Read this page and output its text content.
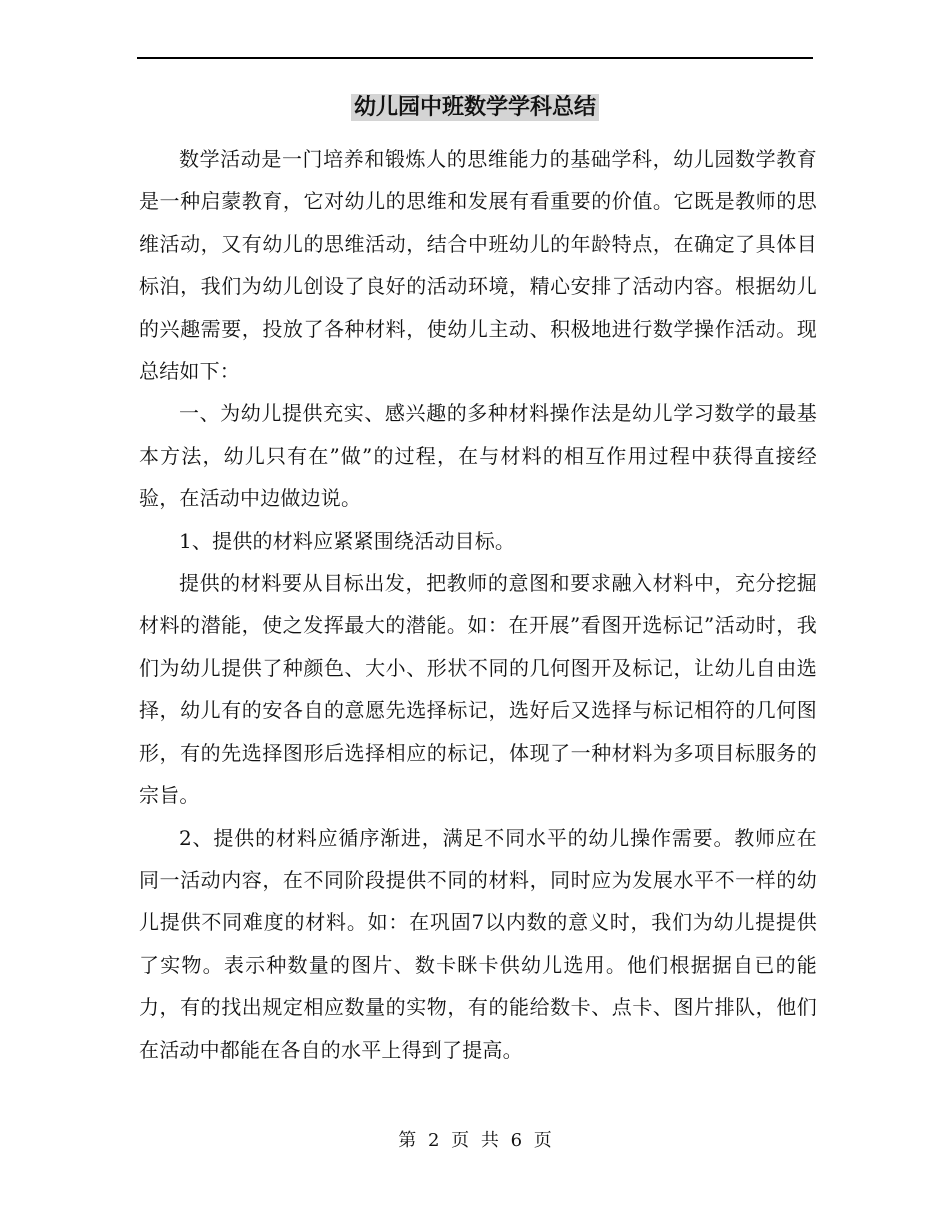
幼儿园中班数学学科总结

数学活动是一门培养和锻炼人的思维能力的基础学科，幼儿园数学教育是一种启蒙教育，它对幼儿的思维和发展有看重要的价值。它既是教师的思维活动，又有幼儿的思维活动，结合中班幼儿的年龄特点，在确定了具体目标泊，我们为幼儿创设了良好的活动环境，精心安排了活动内容。根据幼儿的兴趣需要，投放了各种材料，使幼儿主动、积极地进行数学操作活动。现总结如下：

一、为幼儿提供充实、感兴趣的多种材料操作法是幼儿学习数学的最基本方法，幼儿只有在”做”的过程，在与材料的相互作用过程中获得直接经验，在活动中边做边说。

1、提供的材料应紧紧围绕活动目标。

提供的材料要从目标出发，把教师的意图和要求融入材料中，充分挖掘材料的潜能，使之发挥最大的潜能。如：在开展”看图开选标记”活动时，我们为幼儿提供了种颜色、大小、形状不同的几何图开及标记，让幼儿自由选择，幼儿有的安各自的意愿先选择标记，选好后又选择与标记相符的几何图形，有的先选择图形后选择相应的标记，体现了一种材料为多项目标服务的宗旨。

2、提供的材料应循序渐进，满足不同水平的幼儿操作需要。教师应在同一活动内容，在不同阶段提供不同的材料，同时应为发展水平不一样的幼儿提供不同难度的材料。如：在巩固7以内数的意义时，我们为幼儿提提供了实物。表示种数量的图片、数卡眯卡供幼儿选用。他们根据据自已的能力，有的找出规定相应数量的实物，有的能给数卡、点卡、图片排队，他们在活动中都能在各自的水平上得到了提高。

第 2 页 共 6 页
